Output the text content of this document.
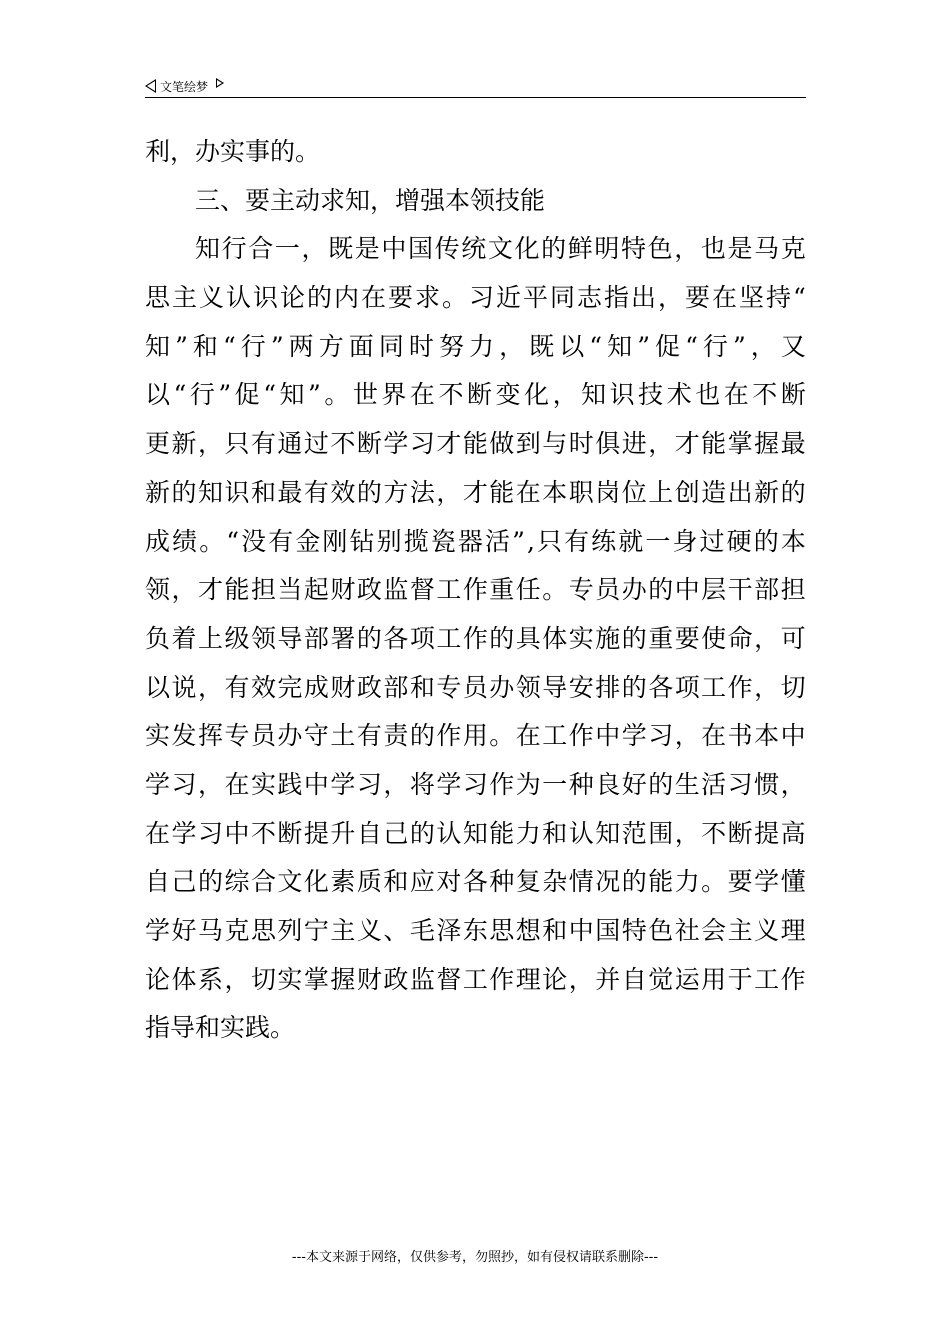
文笔绘梦
利，办实事的。
三、要主动求知，增强本领技能
知 行 合 一 ， 既 是 中 国 传 统 文 化 的 鲜 明 特 色 ， 也 是 马 克
思 主 义 认 识 论 的 内 在 要 求 。 习 近 平 同 志 指 出 ， 要 在 坚 持 “
知 ” 和 “ 行 ” 两 方 面 同 时 努 力 ， 既 以 “ 知 ” 促 “ 行 ” ， 又
以 “ 行 ” 促 “ 知 ” 。 世 界 在 不 断 变 化 ， 知 识 技 术 也 在 不 断
更 新 ， 只 有 通 过 不 断 学 习 才 能 做 到 与 时 俱 进 ， 才 能 掌 握 最
新 的 知 识 和 最 有 效 的 方 法 ， 才 能 在 本 职 岗 位 上 创 造 出 新 的
成 绩 。 “ 没 有 金 刚 钻 别 揽 瓷 器 活 ” , 只 有 练 就 一 身 过 硬 的 本
领 ， 才 能 担 当 起 财 政 监 督 工 作 重 任 。 专 员 办 的 中 层 干 部 担
负 着 上 级 领 导 部 署 的 各 项 工 作 的 具 体 实 施 的 重 要 使 命 ， 可
以 说 ， 有 效 完 成 财 政 部 和 专 员 办 领 导 安 排 的 各 项 工 作 ， 切
实 发 挥 专 员 办 守 土 有 责 的 作 用 。 在 工 作 中 学 习 ， 在 书 本 中
学 习 ， 在 实 践 中 学 习 ， 将 学 习 作 为 一 种 良 好 的 生 活 习 惯 ，
在 学 习 中 不 断 提 升 自 己 的 认 知 能 力 和 认 知 范 围 ， 不 断 提 高
自 己 的 综 合 文 化 素 质 和 应 对 各 种 复 杂 情 况 的 能 力 。 要 学 懂
学 好 马 克 思 列 宁 主 义 、 毛 泽 东 思 想 和 中 国 特 色 社 会 主 义 理
论 体 系 ， 切 实 掌 握 财 政 监 督 工 作 理 论 ， 并 自 觉 运 用 于 工 作
指导和实践。
---本文来源于网络，仅供参考，勿照抄，如有侵权请联系删除---
